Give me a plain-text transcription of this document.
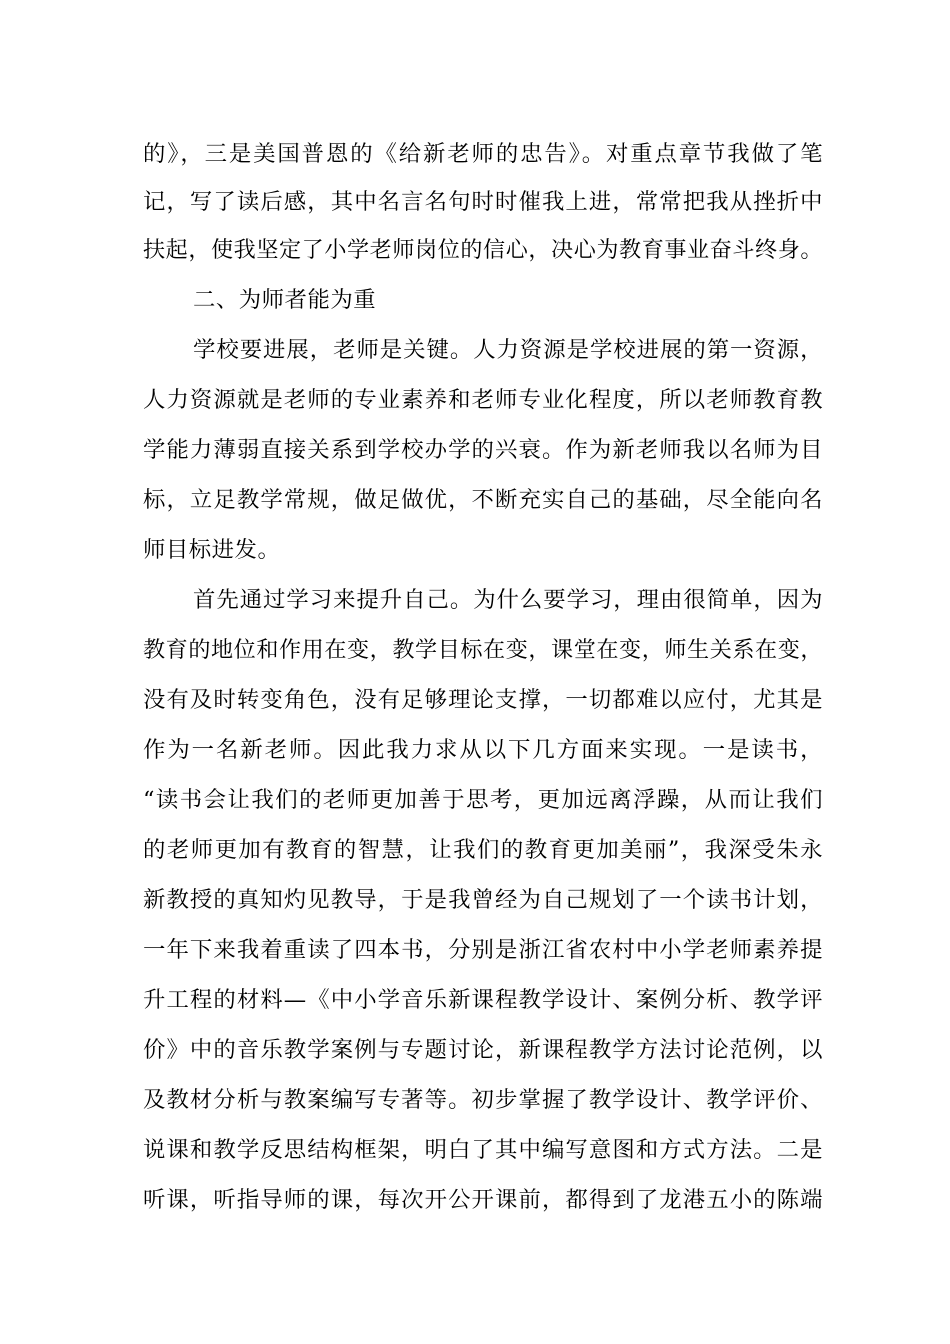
的》，三是美国普恩的《给新老师的忠告》。对重点章节我做了笔
记，写了读后感，其中名言名句时时催我上进，常常把我从挫折中
扶起，使我坚定了小学老师岗位的信心，决心为教育事业奋斗终身。
二、为师者能为重
学校要进展，老师是关键。人力资源是学校进展的第一资源，
人力资源就是老师的专业素养和老师专业化程度，所以老师教育教
学能力薄弱直接关系到学校办学的兴衰。作为新老师我以名师为目
标，立足教学常规，做足做优，不断充实自己的基础，尽全能向名
师目标进发。
首先通过学习来提升自己。为什么要学习，理由很简单，因为
教育的地位和作用在变，教学目标在变，课堂在变，师生关系在变，
没有及时转变角色，没有足够理论支撑，一切都难以应付，尤其是
作为一名新老师。因此我力求从以下几方面来实现。一是读书，
“读书会让我们的老师更加善于思考，更加远离浮躁，从而让我们
的老师更加有教育的智慧，让我们的教育更加美丽”，我深受朱永
新教授的真知灼见教导，于是我曾经为自己规划了一个读书计划，
一年下来我着重读了四本书，分别是浙江省农村中小学老师素养提
升工程的材料—《中小学音乐新课程教学设计、案例分析、教学评
价》中的音乐教学案例与专题讨论，新课程教学方法讨论范例，以
及教材分析与教案编写专著等。初步掌握了教学设计、教学评价、
说课和教学反思结构框架，明白了其中编写意图和方式方法。二是
听课，听指导师的课，每次开公开课前，都得到了龙港五小的陈端
